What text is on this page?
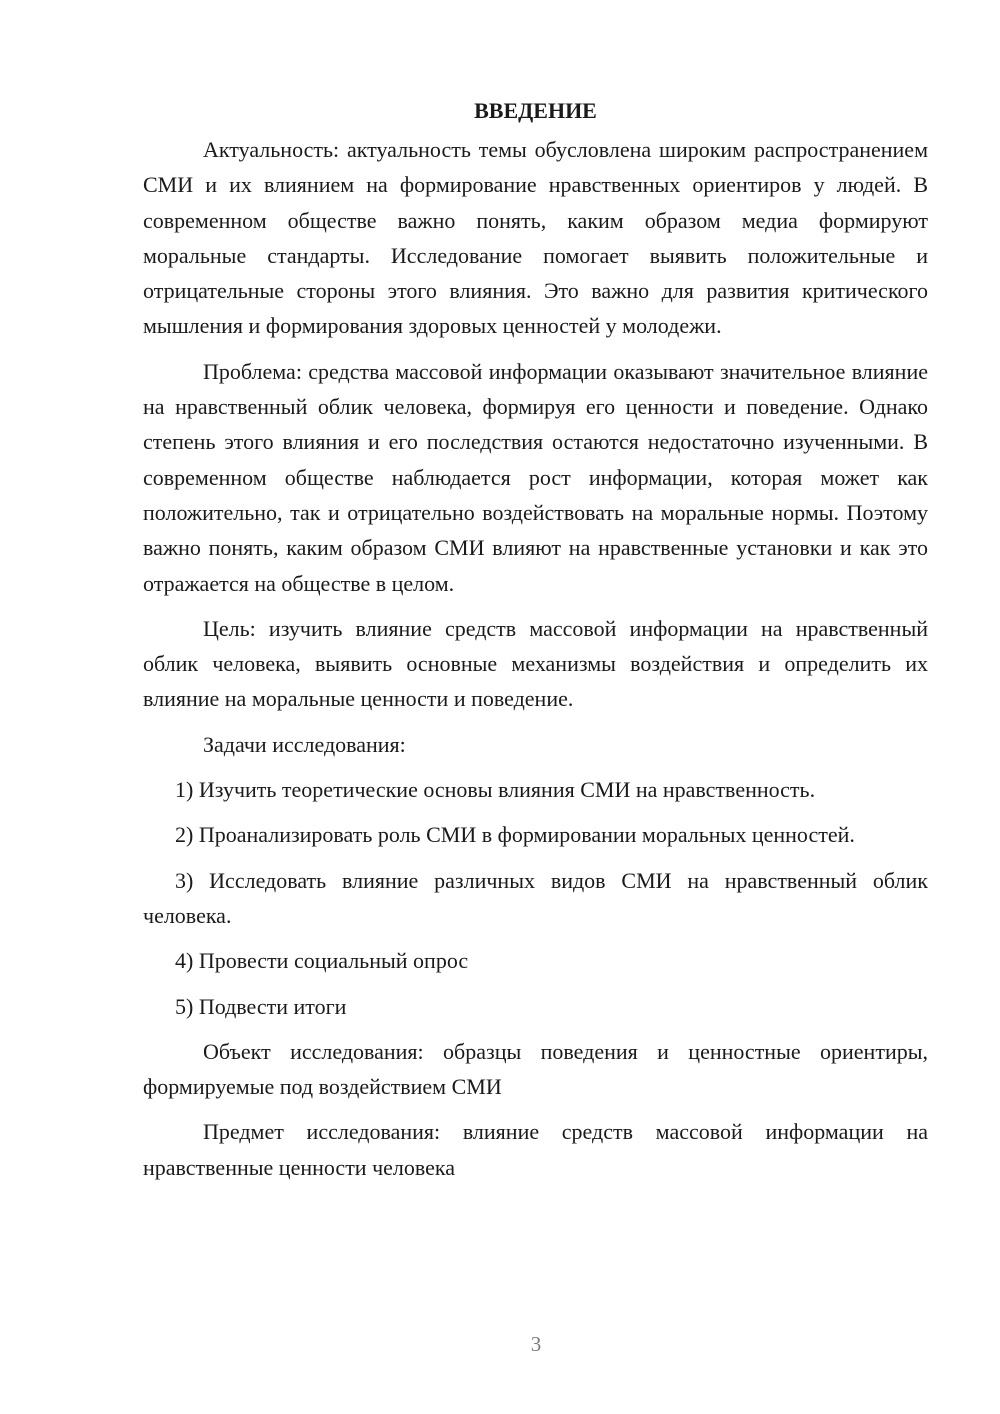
ВВЕДЕНИЕ

Актуальность: актуальность темы обусловлена широким распространением СМИ и их влиянием на формирование нравственных ориентиров у людей. В современном обществе важно понять, каким образом медиа формируют моральные стандарты. Исследование помогает выявить положительные и отрицательные стороны этого влияния. Это важно для развития критического мышления и формирования здоровых ценностей у молодежи.

Проблема: средства массовой информации оказывают значительное влияние на нравственный облик человека, формируя его ценности и поведение. Однако степень этого влияния и его последствия остаются недостаточно изученными. В современном обществе наблюдается рост информации, которая может как положительно, так и отрицательно воздействовать на моральные нормы. Поэтому важно понять, каким образом СМИ влияют на нравственные установки и как это отражается на обществе в целом.

Цель: изучить влияние средств массовой информации на нравственный облик человека, выявить основные механизмы воздействия и определить их влияние на моральные ценности и поведение.

Задачи исследования:

1) Изучить теоретические основы влияния СМИ на нравственность.

2) Проанализировать роль СМИ в формировании моральных ценностей.

3) Исследовать влияние различных видов СМИ на нравственный облик человека.

4) Провести социальный опрос

5) Подвести итоги

Объект исследования: образцы поведения и ценностные ориентиры, формируемые под воздействием СМИ

Предмет исследования: влияние средств массовой информации на нравственные ценности человека

3
